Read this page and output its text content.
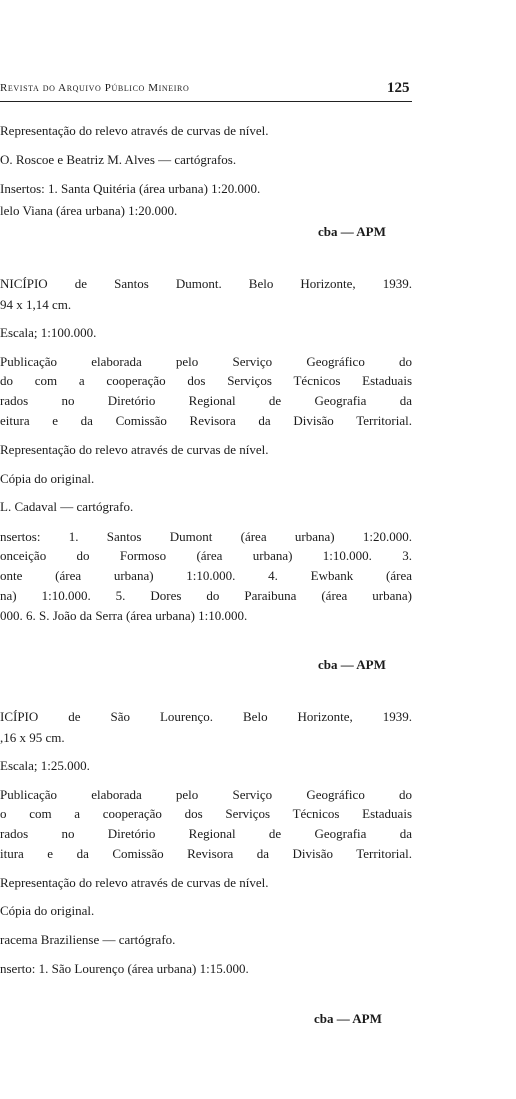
Revista do Arquivo Público Mineiro	125
Representação do relevo através de curvas de nível.
O. Roscoe e Beatriz M. Alves — cartógrafos.
Insertos: 1. Santa Quitéria (área urbana) 1:20.000.
lelo Viana (área urbana) 1:20.000.
cba — APM
NICÍPIO de Santos Dumont. Belo Horizonte, 1939.
94 x 1,14 cm.
Escala; 1:100.000.
Publicação elaborada pelo Serviço Geográfico do
do com a cooperação dos Serviços Técnicos Estaduais
rados no Diretório Regional de Geografia da
eitura e da Comissão Revisora da Divisão Territorial.
Representação do relevo através de curvas de nível.
Cópia do original.
L. Cadaval — cartógrafo.
nsertos: 1. Santos Dumont (área urbana) 1:20.000.
onceição do Formoso (área urbana) 1:10.000. 3.
onte (área urbana) 1:10.000. 4. Ewbank (área
na) 1:10.000. 5. Dores do Paraibuna (área urbana)
000. 6. S. João da Serra (área urbana) 1:10.000.
cba — APM
ICÍPIO de São Lourenço. Belo Horizonte, 1939.
,16 x 95 cm.
Escala; 1:25.000.
Publicação elaborada pelo Serviço Geográfico do
o com a cooperação dos Serviços Técnicos Estaduais
rados no Diretório Regional de Geografia da
itura e da Comissão Revisora da Divisão Territorial.
Representação do relevo através de curvas de nível.
Cópia do original.
racema Braziliense — cartógrafo.
nserto: 1. São Lourenço (área urbana) 1:15.000.
cba — APM
